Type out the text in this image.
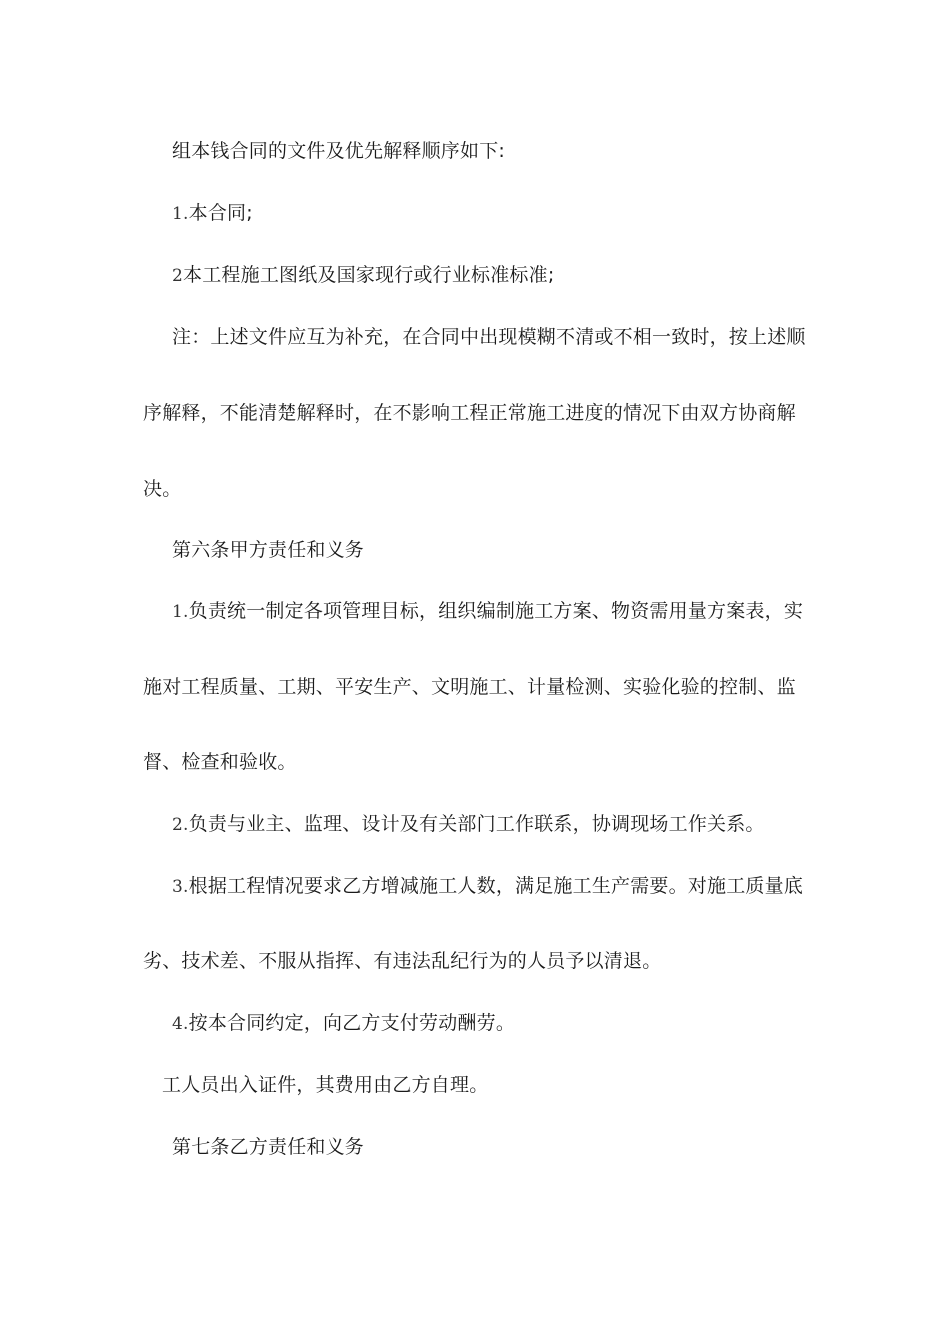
组本钱合同的文件及优先解释顺序如下:
1.本合同;
2本工程施工图纸及国家现行或行业标准标准;
注：上述文件应互为补充，在合同中出现模糊不清或不相一致时，按上述顺
序解释，不能清楚解释时，在不影响工程正常施工进度的情况下由双方协商解
决。
第六条甲方责任和义务
1.负责统一制定各项管理目标，组织编制施工方案、物资需用量方案表，实
施对工程质量、工期、平安生产、文明施工、计量检测、实验化验的控制、监
督、检查和验收。
2.负责与业主、监理、设计及有关部门工作联系，协调现场工作关系。
3.根据工程情况要求乙方增减施工人数，满足施工生产需要。对施工质量底
劣、技术差、不服从指挥、有违法乱纪行为的人员予以清退。
4.按本合同约定，向乙方支付劳动酬劳。
工人员出入证件，其费用由乙方自理。
第七条乙方责任和义务
